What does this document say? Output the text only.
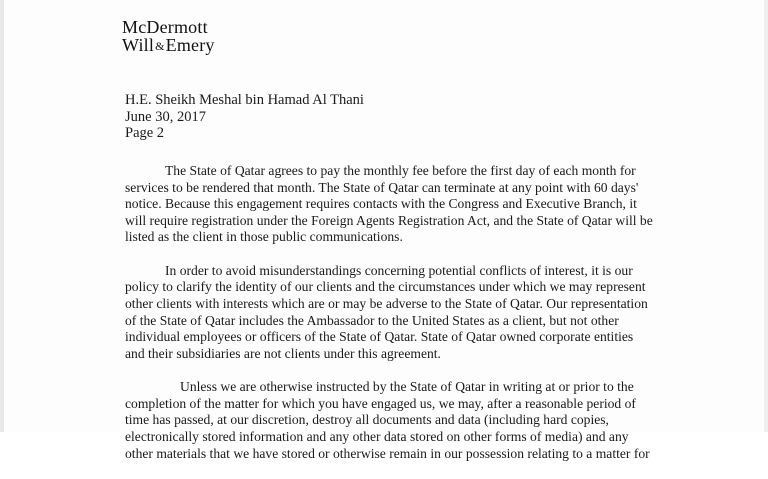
McDermott
Will&Emery
H.E. Sheikh Meshal bin Hamad Al Thani
June 30, 2017
Page 2
The State of Qatar agrees to pay the monthly fee before the first day of each month for
services to be rendered that month. The State of Qatar can terminate at any point with 60 days'
notice. Because this engagement requires contacts with the Congress and Executive Branch, it
will require registration under the Foreign Agents Registration Act, and the State of Qatar will be
listed as the client in those public communications.
In order to avoid misunderstandings concerning potential conflicts of interest, it is our
policy to clarify the identity of our clients and the circumstances under which we may represent
other clients with interests which are or may be adverse to the State of Qatar. Our representation
of the State of Qatar includes the Ambassador to the United States as a client, but not other
individual employees or officers of the State of Qatar. State of Qatar owned corporate entities
and their subsidiaries are not clients under this agreement.
Unless we are otherwise instructed by the State of Qatar in writing at or prior to the
completion of the matter for which you have engaged us, we may, after a reasonable period of
time has passed, at our discretion, destroy all documents and data (including hard copies,
electronically stored information and any other data stored on other forms of media) and any
other materials that we have stored or otherwise remain in our possession relating to a matter for
